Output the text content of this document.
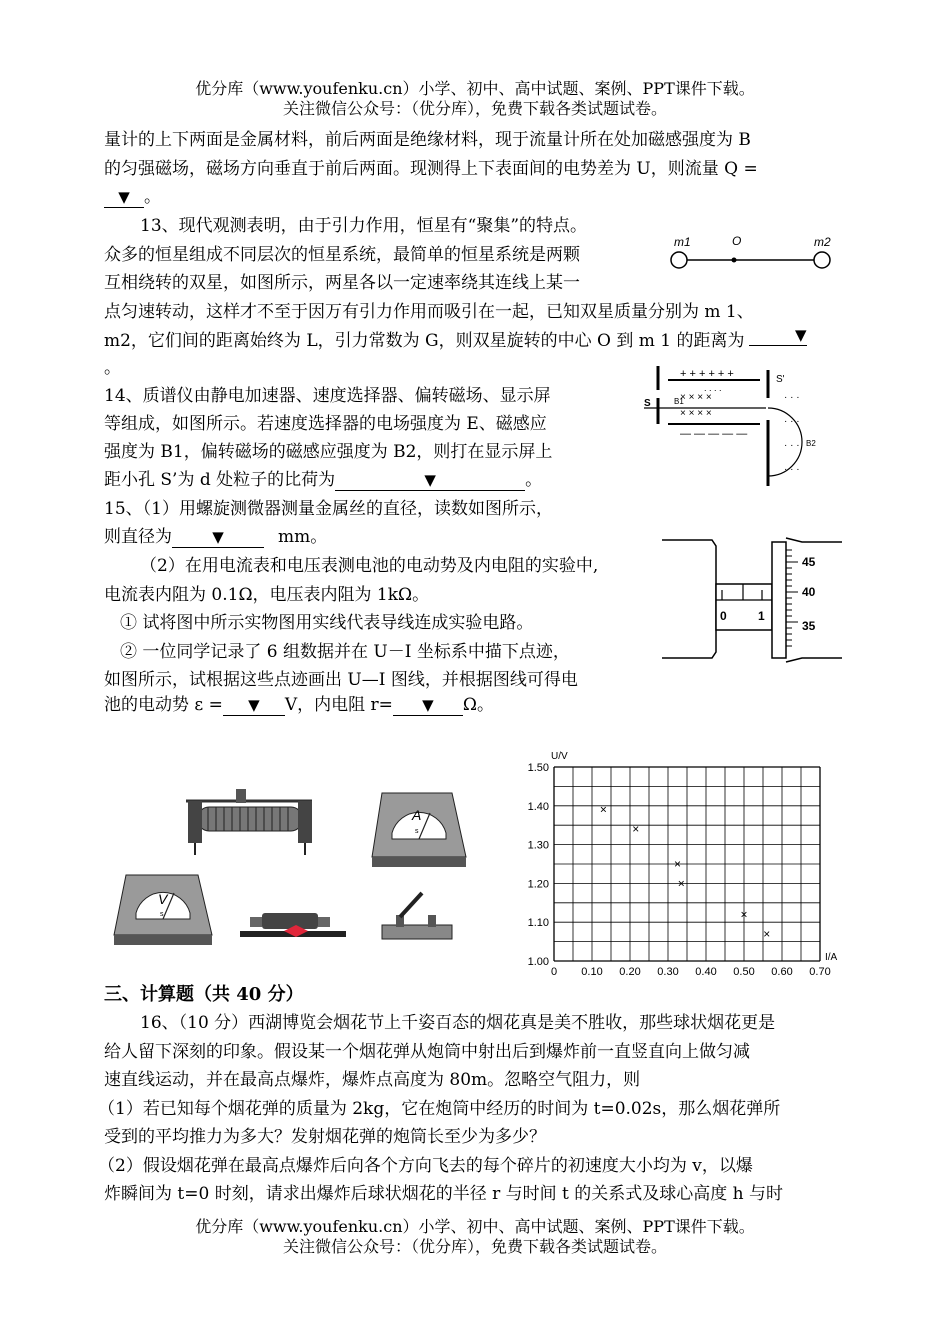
优分库（www.youfenku.cn）小学、初中、高中试题、案例、PPT课件下载。
关注微信公众号：（优分库），免费下载各类试题试卷。
量计的上下两面是金属材料，前后两面是绝缘材料，现于流量计所在处加磁感强度为 B
的匀强磁场，磁场方向垂直于前后两面。现测得上下表面间的电势差为 U，则流量 Q =
▼ 。
13、现代观测表明，由于引力作用，恒星有“聚集”的特点。
众多的恒星组成不同层次的恒星系统，最简单的恒星系统是两颗
互相绕转的双星，如图所示，两星各以一定速率绕其连线上某一
点匀速转动，这样才不至于因万有引力作用而吸引在一起，已知双星质量分别为 m 1、
m2，它们间的距离始终为 L，引力常数为 G，则双星旋转的中心 O 到 m 1 的距离为	▼
。
m1	O	m2
14、质谱仪由静电加速器、速度选择器、偏转磁场、显示屏
等组成，如图所示。若速度选择器的电场强度为 E、磁感应
强度为 B1，偏转磁场的磁感应强度为 B2，则打在显示屏上
距小孔 S’为 d 处粒子的比荷为	▼	。
+ + + + + +
× × × ×
. . . .
— — — — —
× × × ×
S	B1
S'
B2
· · ·
· · ·
· · ·
· · ·
15、（1）用螺旋测微器测量金属丝的直径，读数如图所示，
则直径为	▼	mm。
（2）在用电流表和电压表测电池的电动势及内电阻的实验中,
电流表内阻为 0.1Ω，电压表内阻为 1kΩ。
① 试将图中所示实物图用实线代表导线连成实验电路。
② 一位同学记录了 6 组数据并在 U－I 坐标系中描下点迹，
如图所示，试根据这些点迹画出 U—I 图线，并根据图线可得电
池的电动势 ε = ▼ V，内电阻 r= ▼ Ω。
0	1
45
40
35
A
s
V
s
U/V
I/A
1.00
1.10
1.20
1.30
1.40
1.50
0 0.10 0.20 0.30 0.40 0.50 0.60 0.70
×
×
×
×
×
×
三、计算题（共 40 分）
16、（10 分）西湖博览会烟花节上千姿百态的烟花真是美不胜收，那些球状烟花更是
给人留下深刻的印象。假设某一个烟花弹从炮筒中射出后到爆炸前一直竖直向上做匀减
速直线运动，并在最高点爆炸，爆炸点高度为 80m。忽略空气阻力，则
（1）若已知每个烟花弹的质量为 2kg，它在炮筒中经历的时间为 t=0.02s，那么烟花弹所
受到的平均推力为多大？发射烟花弹的炮筒长至少为多少？
（2）假设烟花弹在最高点爆炸后向各个方向飞去的每个碎片的初速度大小均为 v，以爆
炸瞬间为 t=0 时刻，请求出爆炸后球状烟花的半径 r 与时间 t 的关系式及球心高度 h 与时
优分库（www.youfenku.cn）小学、初中、高中试题、案例、PPT课件下载。
关注微信公众号：（优分库），免费下载各类试题试卷。
